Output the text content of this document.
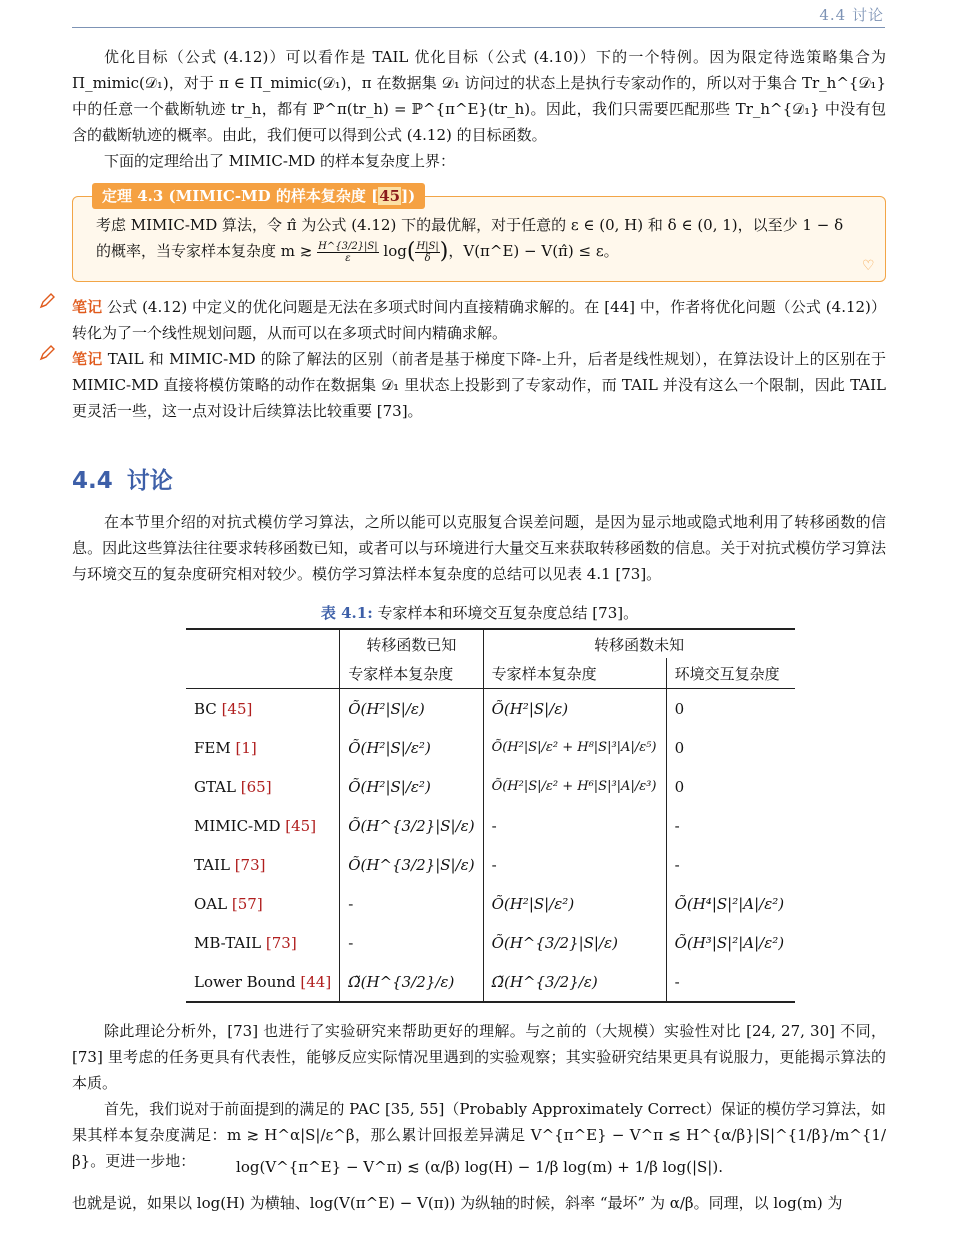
4.4 讨论

优化目标（公式 (4.12)）可以看作是 TAIL 优化目标（公式 (4.10)）下的一个特例。因为限定待选策略集合为 Π_mimic(𝒟₁)，对于 π ∈ Π_mimic(𝒟₁)，π 在数据集 𝒟₁ 访问过的状态上是执行专家动作的，所以对于集合 Tr_h^{𝒟₁} 中的任意一个截断轨迹 tr_h，都有 ℙ^π(tr_h) = ℙ^{π^E}(tr_h)。因此，我们只需要匹配那些 Tr_h^{𝒟₁} 中没有包含的截断轨迹的概率。由此，我们便可以得到公式 (4.12) 的目标函数。

下面的定理给出了 MIMIC-MD 的样本复杂度上界：

定理 4.3 (MIMIC-MD 的样本复杂度 [45])
考虑 MIMIC-MD 算法，令 π̂ 为公式 (4.12) 下的最优解，对于任意的 ε ∈ (0, H) 和 δ ∈ (0, 1)，以至少 1 − δ
的概率，当专家样本复杂度 m ≳ $\frac{H\^{}\{3/2\}|S|}{\varepsilon} \log( \frac{H|S|}{\delta}$ )，V(π^E) − V(π̂) ≤ ε。
♡
笔记 公式 (4.12) 中定义的优化问题是无法在多项式时间内直接精确求解的。在 [44] 中，作者将优化问题（公式 (4.12)）转化为了一个线性规划问题，从而可以在多项式时间内精确求解。
笔记 TAIL 和 MIMIC-MD 的除了解法的区别（前者是基于梯度下降-上升，后者是线性规划），在算法设计上的区别在于 MIMIC-MD 直接将模仿策略的动作在数据集 𝒟₁ 里状态上投影到了专家动作，而 TAIL 并没有这么一个限制，因此 TAIL 更灵活一些，这一点对设计后续算法比较重要 [73]。
4.4 讨论

在本节里介绍的对抗式模仿学习算法，之所以能可以克服复合误差问题，是因为显示地或隐式地利用了转移函数的信息。因此这些算法往往要求转移函数已知，或者可以与环境进行大量交互来获取转移函数的信息。关于对抗式模仿学习算法与环境交互的复杂度研究相对较少。模仿学习算法样本复杂度的总结可以见表 4.1 [73]。

表 4.1: 专家样本和环境交互复杂度总结 [73]。
	转移函数已知	转移函数未知	
	专家样本复杂度	专家样本复杂度	环境交互复杂度
BC [45]	Õ(H²|S|/ε)	Õ(H²|S|/ε)	0
FEM [1]	Õ(H²|S|/ε²)	Õ(H²|S|/ε² + H⁸|S|³|A|/ε⁵)	0
GTAL [65]	Õ(H²|S|/ε²)	Õ(H²|S|/ε² + H⁶|S|³|A|/ε³)	0
MIMIC-MD [45]	Õ(H^{3/2}|S|/ε)	-	-
TAIL [73]	Õ(H^{3/2}|S|/ε)	-	-
OAL [57]	-	Õ(H²|S|/ε²)	Õ(H⁴|S|²|A|/ε²)
MB-TAIL [73]	-	Õ(H^{3/2}|S|/ε)	Õ(H³|S|²|A|/ε²)
Lower Bound [44]	Ω̃(H^{3/2}/ε)	Ω̃(H^{3/2}/ε)	-

除此理论分析外，[73] 也进行了实验研究来帮助更好的理解。与之前的（大规模）实验性对比 [24, 27, 30] 不同，[73] 里考虑的任务更具有代表性，能够反应实际情况里遇到的实验观察；其实验研究结果更具有说服力，更能揭示算法的本质。

首先，我们说对于前面提到的满足的 PAC [35, 55]（Probably Approximately Correct）保证的模仿学习算法，如果其样本复杂度满足：m ≳ H^α|S|/ε^β，那么累计回报差异满足 V^{π^E} − V^π ≲ H^{α/β}|S|^{1/β}/m^{1/β}。更进一步地：	log(V^{π^E} − V^π) ≲ (α/β) log(H) − 1/β log(m) + 1/β log(|S|).

也就是说，如果以 log(H) 为横轴、log(V(π^E) − V(π)) 为纵轴的时候，斜率 “最坏” 为 α/β。同理，以 log(m) 为
